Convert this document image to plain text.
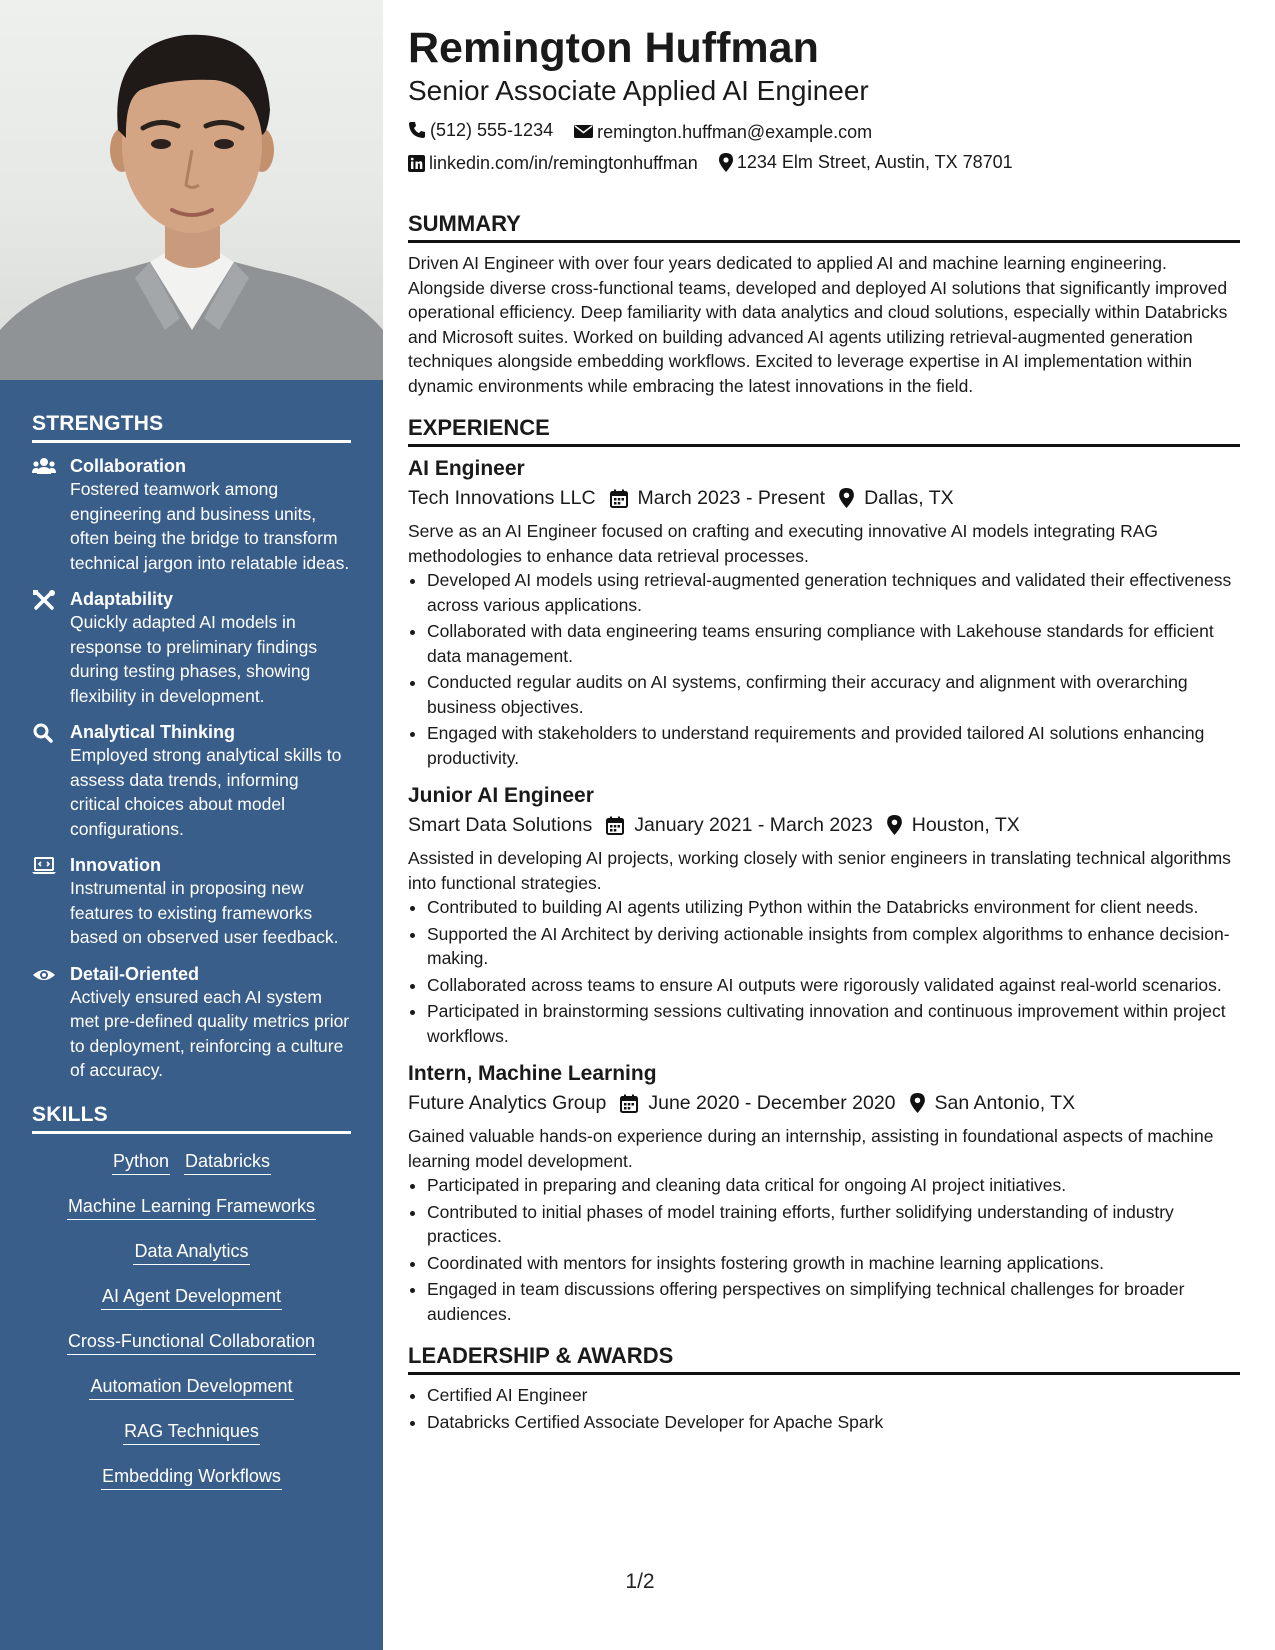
STRENGTHS
Collaboration
Fostered teamwork among engineering and business units, often being the bridge to transform technical jargon into relatable ideas.
Adaptability
Quickly adapted AI models in response to preliminary findings during testing phases, showing flexibility in development.
Analytical Thinking
Employed strong analytical skills to assess data trends, informing critical choices about model configurations.
Innovation
Instrumental in proposing new features to existing frameworks based on observed user feedback.
Detail-Oriented
Actively ensured each AI system met pre-defined quality metrics prior to deployment, reinforcing a culture of accuracy.
SKILLS
Python Databricks
Machine Learning Frameworks
Data Analytics
AI Agent Development
Cross-Functional Collaboration
Automation Development
RAG Techniques
Embedding Workflows
Remington Huffman
Senior Associate Applied AI Engineer
(512) 555-1234
remington.huffman@example.com
linkedin.com/in/remingtonhuffman
1234 Elm Street, Austin, TX 78701
SUMMARY

Driven AI Engineer with over four years dedicated to applied AI and machine learning engineering. Alongside diverse cross-functional teams, developed and deployed AI solutions that significantly improved operational efficiency. Deep familiarity with data analytics and cloud solutions, especially within Databricks and Microsoft suites. Worked on building advanced AI agents utilizing retrieval-augmented generation techniques alongside embedding workflows. Excited to leverage expertise in AI implementation within dynamic environments while embracing the latest innovations in the field.

EXPERIENCE
AI Engineer
Tech Innovations LLC March 2023 - Present Dallas, TX

Serve as an AI Engineer focused on crafting and executing innovative AI models integrating RAG methodologies to enhance data retrieval processes.

• Developed AI models using retrieval-augmented generation techniques and validated their effectiveness across various applications.
• Collaborated with data engineering teams ensuring compliance with Lakehouse standards for efficient data management.
• Conducted regular audits on AI systems, confirming their accuracy and alignment with overarching business objectives.
• Engaged with stakeholders to understand requirements and provided tailored AI solutions enhancing productivity.
Junior AI Engineer
Smart Data Solutions January 2021 - March 2023 Houston, TX

Assisted in developing AI projects, working closely with senior engineers in translating technical algorithms into functional strategies.

• Contributed to building AI agents utilizing Python within the Databricks environment for client needs.
• Supported the AI Architect by deriving actionable insights from complex algorithms to enhance decision-making.
• Collaborated across teams to ensure AI outputs were rigorously validated against real-world scenarios.
• Participated in brainstorming sessions cultivating innovation and continuous improvement within project workflows.
Intern, Machine Learning
Future Analytics Group June 2020 - December 2020 San Antonio, TX

Gained valuable hands-on experience during an internship, assisting in foundational aspects of machine learning model development.

• Participated in preparing and cleaning data critical for ongoing AI project initiatives.
• Contributed to initial phases of model training efforts, further solidifying understanding of industry practices.
• Coordinated with mentors for insights fostering growth in machine learning applications.
• Engaged in team discussions offering perspectives on simplifying technical challenges for broader audiences.
LEADERSHIP & AWARDS
• Certified AI Engineer
• Databricks Certified Associate Developer for Apache Spark
1/2
